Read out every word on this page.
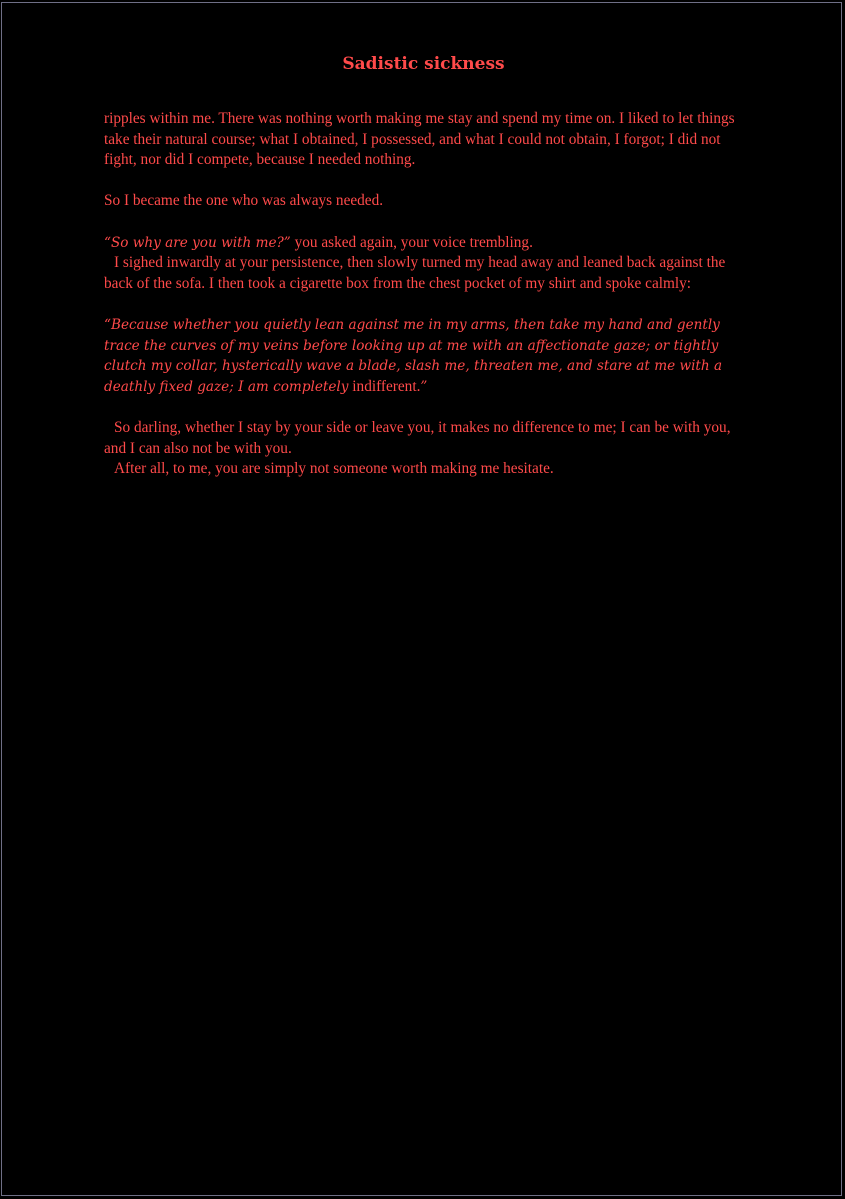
Sadistic sickness

ripples within me. There was nothing worth making me stay and spend my time on. I liked to let things take their natural course; what I obtained, I possessed, and what I could not obtain, I forgot; I did not fight, nor did I compete, because I needed nothing.

So I became the one who was always needed.

“So why are you with me?” you asked again, your voice trembling.

I sighed inwardly at your persistence, then slowly turned my head away and leaned back against the back of the sofa. I then took a cigarette box from the chest pocket of my shirt and spoke calmly:

“Because whether you quietly lean against me in my arms, then take my hand and gently trace the curves of my veins before looking up at me with an affectionate gaze; or tightly clutch my collar, hysterically wave a blade, slash me, threaten me, and stare at me with a deathly fixed gaze; I am completely indifferent.”

So darling, whether I stay by your side or leave you, it makes no difference to me; I can be with you, and I can also not be with you.

After all, to me, you are simply not someone worth making me hesitate.
